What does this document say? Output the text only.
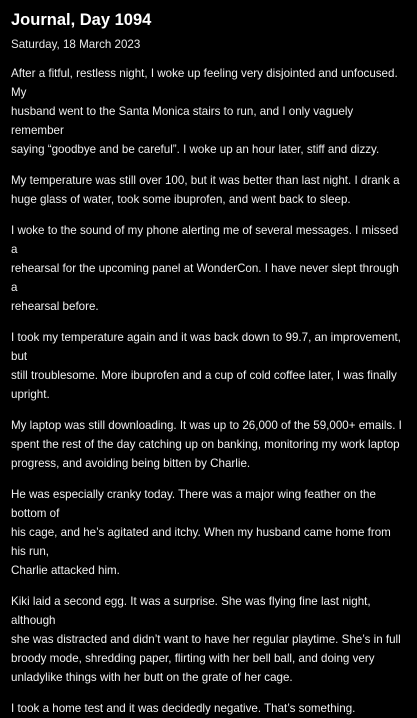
Journal, Day 1094
Saturday, 18 March 2023

After a fitful, restless night, I woke up feeling very disjointed and unfocused. My
husband went to the Santa Monica stairs to run, and I only vaguely remember
saying “goodbye and be careful”. I woke up an hour later, stiff and dizzy.

My temperature was still over 100, but it was better than last night. I drank a
huge glass of water, took some ibuprofen, and went back to sleep.

I woke to the sound of my phone alerting me of several messages. I missed a
rehearsal for the upcoming panel at WonderCon. I have never slept through a
rehearsal before.

I took my temperature again and it was back down to 99.7, an improvement, but
still troublesome. More ibuprofen and a cup of cold coffee later, I was finally
upright.

My laptop was still downloading. It was up to 26,000 of the 59,000+ emails. I
spent the rest of the day catching up on banking, monitoring my work laptop
progress, and avoiding being bitten by Charlie.

He was especially cranky today. There was a major wing feather on the bottom of
his cage, and he’s agitated and itchy. When my husband came home from his run,
Charlie attacked him.

Kiki laid a second egg. It was a surprise. She was flying fine last night, although
she was distracted and didn’t want to have her regular playtime. She’s in full
broody mode, shredding paper, flirting with her bell ball, and doing very
unladylike things with her butt on the grate of her cage.

I took a home test and it was decidedly negative. That’s something.
